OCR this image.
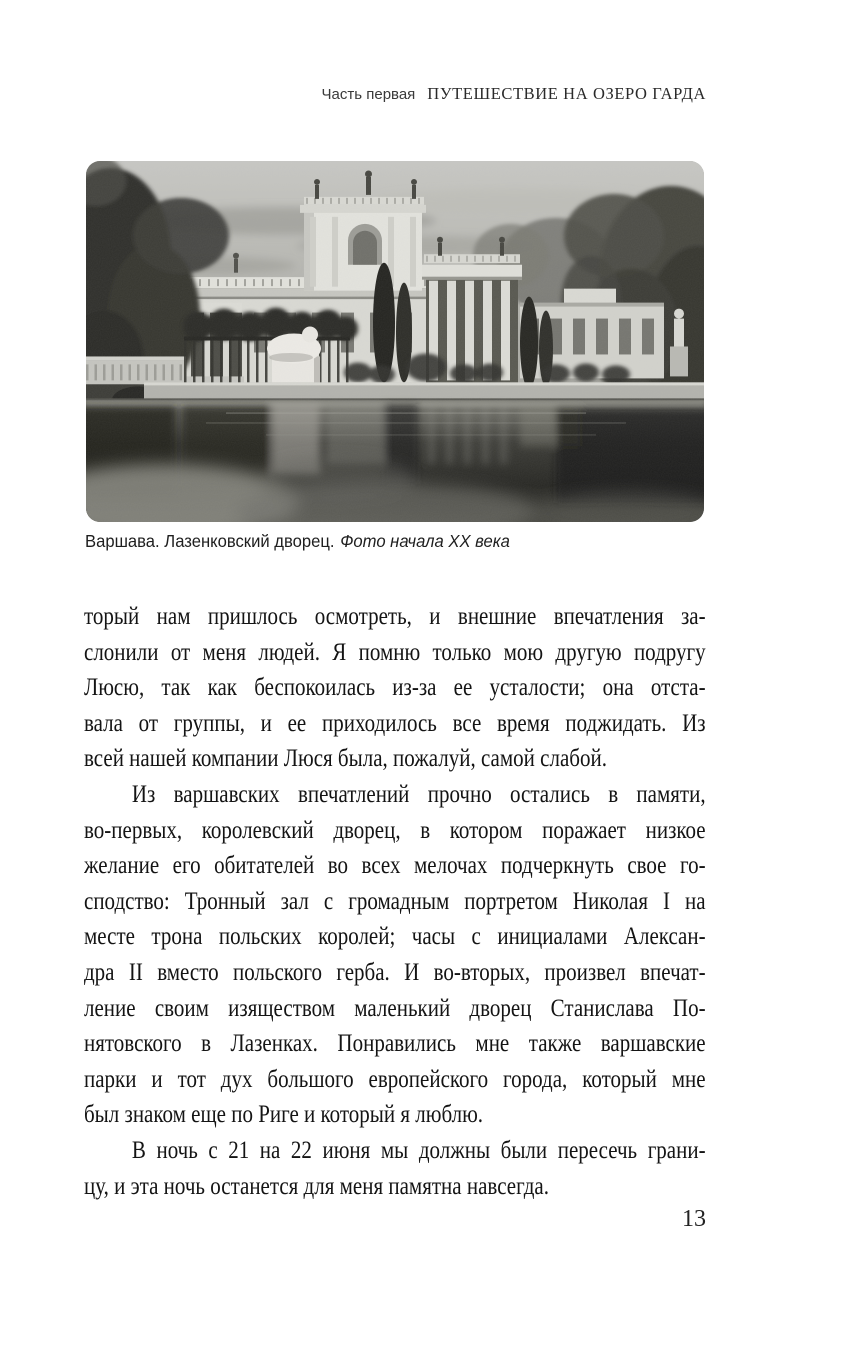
Часть первая ПУТЕШЕСТВИЕ НА ОЗЕРО ГАРДА
Варшава. Лазенковский дворец. Фото начала XX века
торый нам пришлось осмотреть, и внешние впечатления за-
слонили от меня людей. Я помню только мою другую подругу
Люсю, так как беспокоилась из-за ее усталости; она отста-
вала от группы, и ее приходилось все время поджидать. Из
всей нашей компании Люся была, пожалуй, самой слабой.
Из варшавских впечатлений прочно остались в памяти,
во-первых, королевский дворец, в котором поражает низкое
желание его обитателей во всех мелочах подчеркнуть свое го-
сподство: Тронный зал с громадным портретом Николая I на
месте трона польских королей; часы с инициалами Алексан-
дра II вместо польского герба. И во-вторых, произвел впечат-
ление своим изяществом маленький дворец Станислава По-
нятовского в Лазенках. Понравились мне также варшавские
парки и тот дух большого европейского города, который мне
был знаком еще по Риге и который я люблю.
В ночь с 21 на 22 июня мы должны были пересечь грани-
цу, и эта ночь останется для меня памятна навсегда.
13
